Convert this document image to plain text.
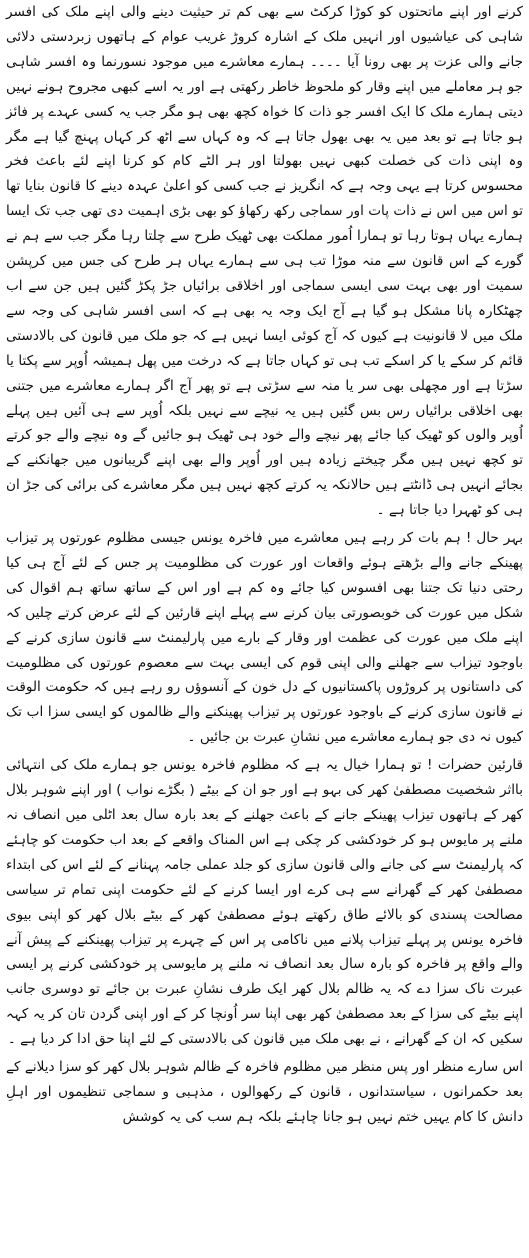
کرنے اور اپنے ماتحتوں کو کوڑا کرکٹ سے بھی کم تر حیثیت دینے والی اپنے ملک کی افسر شاہی کی عیاشیوں اور انہیں ملک کے اشارہ کروڑ غریب عوام کے ہاتھوں زبردستی دلائی جانے والی عزت پر بھی رونا آیا ۔۔۔۔ ہمارے معاشرے میں موجود نسورنما وہ افسر شاہی جو ہر معاملے میں اپنے وقار کو ملحوظ خاطر رکھتی ہے اور یہ اسے کبھی مجروح ہونے نہیں دیتی ہمارے ملک کا ایک افسر جو ذات کا خواہ کچھ بھی ہو مگر جب یہ کسی عہدے پر فائز ہو جاتا ہے تو بعد میں یہ بھی بھول جاتا ہے کہ وہ کہاں سے اٹھ کر کہاں پہنچ گیا ہے مگر وہ اپنی ذات کی خصلت کبھی نہیں بھولتا اور ہر الٹے کام کو کرنا اپنے لئے باعث فخر محسوس کرتا ہے یہی وجہ ہے کہ انگریز نے جب کسی کو اعلیٰ عہدہ دینے کا قانون بنایا تھا تو اس میں اس نے ذات پات اور سماجی رکھ رکھاؤ کو بھی بڑی اہمیت دی تھی جب تک ایسا ہمارے یہاں ہوتا رہا تو ہمارا اُمور مملکت بھی ٹھیک طرح سے چلتا رہا مگر جب سے ہم نے گورے کے اس قانون سے منہ موڑا تب ہی سے ہمارے یہاں ہر طرح کی جس میں کرپشن سمیت اور بھی بہت سی ایسی سماجی اور اخلاقی برائیاں جڑ پکڑ گئیں ہیں جن سے اب چھٹکارہ پانا مشکل ہو گیا ہے آج ایک وجہ یہ بھی ہے کہ اسی افسر شاہی کی وجہ سے ملک میں لا قانونیت ہے کیوں کہ آج کوئی ایسا نہیں ہے کہ جو ملک میں قانون کی بالادستی قائم کر سکے یا کر اسکے تب ہی تو کہاں جاتا ہے کہ درخت میں پھل ہمیشہ اُوپر سے پکتا یا سڑتا ہے اور مچھلی بھی سر یا منہ سے سڑتی ہے تو پھر آج اگر ہمارے معاشرے میں جتنی بھی اخلاقی برائیاں رس بس گئیں ہیں یہ نیچے سے نہیں بلکہ اُوپر سے ہی آئیں ہیں پہلے اُوپر والوں کو ٹھیک کیا جائے پھر نیچے والے خود ہی ٹھیک ہو جائیں گے وہ نیچے والے جو کرتے تو کچھ نہیں ہیں مگر چیختے زیادہ ہیں اور اُوپر والے بھی اپنے گریبانوں میں جھانکنے کے بجائے انہیں ہی ڈانٹتے ہیں حالانکہ یہ کرتے کچھ نہیں ہیں مگر معاشرے کی برائی کی جڑ ان ہی کو ٹھہرا دیا جاتا ہے ۔

بہر حال ! ہم بات کر رہے ہیں معاشرے میں فاخرہ یونس جیسی مظلوم عورتوں پر تیزاب پھینکے جانے والے بڑھتے ہوئے واقعات اور عورت کی مظلومیت پر جس کے لئے آج ہی کیا رحتی دنیا تک جتنا بھی افسوس کیا جائے وہ کم ہے اور اس کے ساتھ ساتھ ہم اقوال کی شکل میں عورت کی خوبصورتی بیان کرنے سے پہلے اپنے قارئین کے لئے عرض کرتے چلیں کہ اپنے ملک میں عورت کی عظمت اور وقار کے بارے میں پارلیمنٹ سے قانون سازی کرنے کے باوجود تیزاب سے جھلنے والی اپنی قوم کی ایسی بہت سے معصوم عورتوں کی مظلومیت کی داستانوں پر کروڑوں پاکستانیوں کے دل خون کے آنسوؤں رو رہے ہیں کہ حکومت الوقت نے قانون سازی کرنے کے باوجود عورتوں پر تیزاب پھینکنے والے ظالموں کو ایسی سزا اب تک کیوں نہ دی جو ہمارے معاشرے میں نشانِ عبرت بن جائیں ۔

قارئین حضرات ! تو ہمارا خیال یہ ہے کہ مظلوم فاخرہ یونس جو ہمارے ملک کی انتہائی بااثر شخصیت مصطفیٰ کھر کی بہو ہے اور جو ان کے بیٹے ( بگڑے نواب ) اور اپنے شوہر بلال کھر کے ہاتھوں تیزاب پھینکے جانے کے باعث جھلنے کے بعد بارہ سال بعد اٹلی میں انصاف نہ ملنے پر مایوس ہو کر خودکشی کر چکی ہے اس المناک واقعے کے بعد اب حکومت کو چاہئے کہ پارلیمنٹ سے کی جانے والی قانون سازی کو جلد عملی جامہ پہنانے کے لئے اس کی ابتداء مصطفیٰ کھر کے گھرانے سے ہی کرے اور ایسا کرنے کے لئے حکومت اپنی تمام تر سیاسی مصالحت پسندی کو بالائے طاق رکھتے ہوئے مصطفیٰ کھر کے بیٹے بلال کھر کو اپنی بیوی فاخرہ یونس پر پہلے تیزاب پلانے میں ناکامی پر اس کے چہرے پر تیزاب پھینکنے کے پیش آنے والے واقع پر فاخرہ کو بارہ سال بعد انصاف نہ ملنے پر مایوسی پر خودکشی کرنے پر ایسی عبرت ناک سزا دے کہ یہ ظالم بلال کھر ایک طرف نشانِ عبرت بن جائے تو دوسری جانب اپنے بیٹے کی سزا کے بعد مصطفیٰ کھر بھی اپنا سر اُونچا کر کے اور اپنی گردن تان کر یہ کہہ سکیں کہ ان کے گھرانے ، نے بھی ملک میں قانون کی بالادستی کے لئے اپنا حق ادا کر دیا ہے ۔

اس سارے منظر اور پس منظر میں مظلوم فاخرہ کے ظالم شوہر بلال کھر کو سزا دیلانے کے بعد حکمرانوں ، سیاستدانوں ، قانون کے رکھوالوں ، مذہبی و سماجی تنظیموں اور اہلِ دانش کا کام یہیں ختم نہیں ہو جانا چاہئے بلکہ ہم سب کی یہ کوشش
